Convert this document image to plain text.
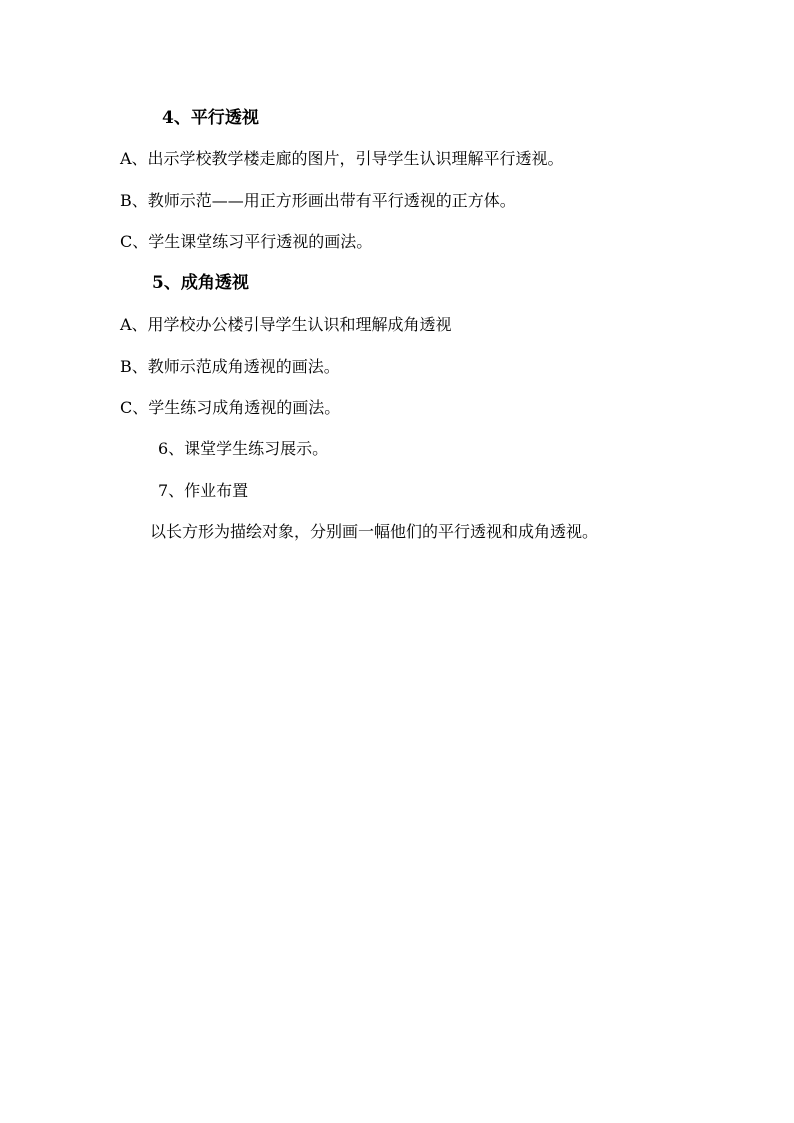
4、平行透视
A、出示学校教学楼走廊的图片，引导学生认识理解平行透视。
B、教师示范——用正方形画出带有平行透视的正方体。
C、学生课堂练习平行透视的画法。
5、成角透视
A、用学校办公楼引导学生认识和理解成角透视
B、教师示范成角透视的画法。
C、学生练习成角透视的画法。
6、课堂学生练习展示。
7、作业布置
以长方形为描绘对象，分别画一幅他们的平行透视和成角透视。
